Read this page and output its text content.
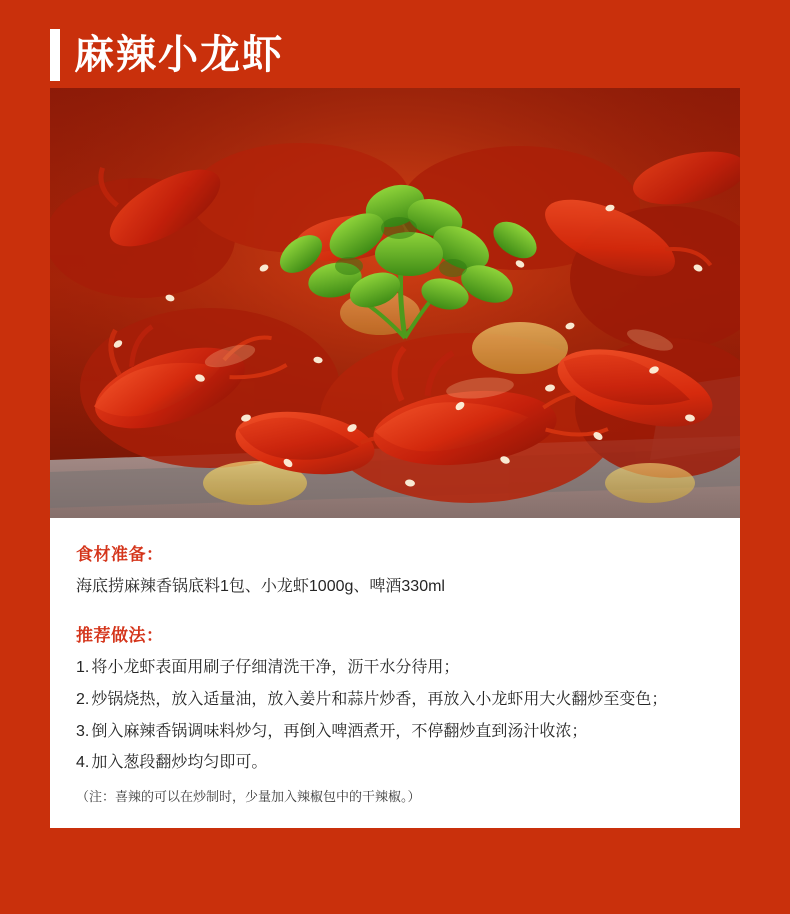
麻辣小龙虾
食材准备：

海底捞麻辣香锅底料1包、小龙虾1000g、啤酒330ml

推荐做法：
1. 将小龙虾表面用刷子仔细清洗干净，沥干水分待用；
2. 炒锅烧热，放入适量油，放入姜片和蒜片炒香，再放入小龙虾用大火翻炒至变色；
3. 倒入麻辣香锅调味料炒匀，再倒入啤酒煮开，不停翻炒直到汤汁收浓；
4. 加入葱段翻炒均匀即可。
（注：喜辣的可以在炒制时，少量加入辣椒包中的干辣椒。）
